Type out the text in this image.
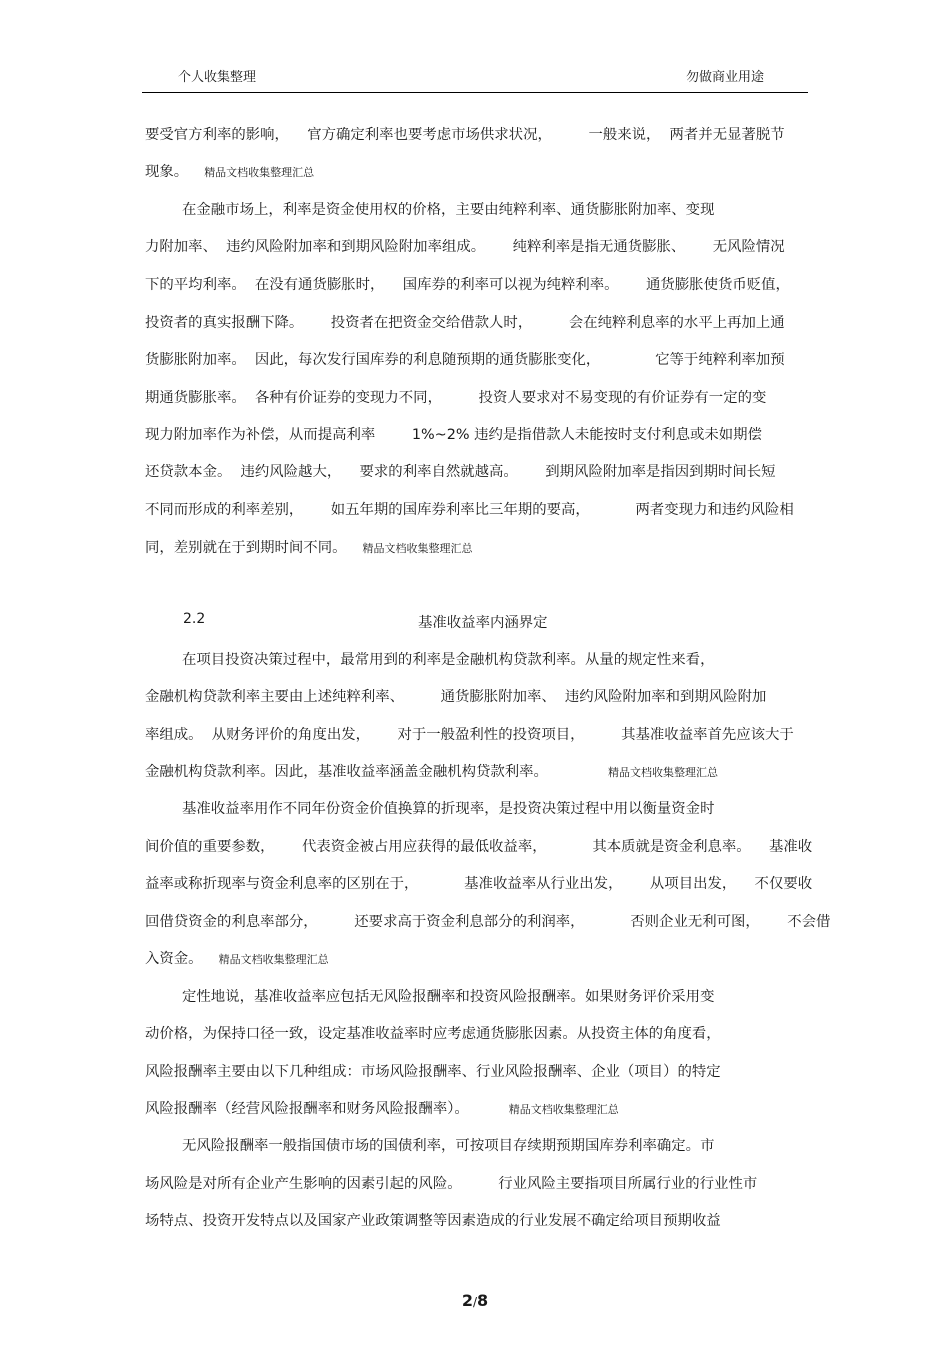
个人收集整理	勿做商业用途
要受官方利率的影响，    官方确定利率也要考虑市场供求状况，        一般来说，  两者并无显著脱节
现象。 精品文档收集整理汇总
在金融市场上，利率是资金使用权的价格，主要由纯粹利率、通货膨胀附加率、变现
力附加率、  违约风险附加率和到期风险附加率组成。      纯粹利率是指无通货膨胀、      无风险情况
下的平均利率。  在没有通货膨胀时，    国库券的利率可以视为纯粹利率。      通货膨胀使货币贬值，
投资者的真实报酬下降。      投资者在把资金交给借款人时，        会在纯粹利息率的水平上再加上通
货膨胀附加率。  因此，每次发行国库券的利息随预期的通货膨胀变化，            它等于纯粹利率加预
期通货膨胀率。  各种有价证券的变现力不同，        投资人要求对不易变现的有价证券有一定的变
现力附加率作为补偿，从而提高利率        1%~2% 违约是指借款人未能按时支付利息或未如期偿
还贷款本金。  违约风险越大，    要求的利率自然就越高。      到期风险附加率是指因到期时间长短
不同而形成的利率差别，      如五年期的国库券利率比三年期的要高，          两者变现力和违约风险相
同，差别就在于到期时间不同。 精品文档收集整理汇总
2.2	基准收益率内涵界定
在项目投资决策过程中，最常用到的利率是金融机构贷款利率。从量的规定性来看，
金融机构贷款利率主要由上述纯粹利率、        通货膨胀附加率、  违约风险附加率和到期风险附加
率组成。  从财务评价的角度出发，      对于一般盈利性的投资项目，        其基准收益率首先应该大于
金融机构贷款利率。因此，基准收益率涵盖金融机构贷款利率。	精品文档收集整理汇总
基准收益率用作不同年份资金价值换算的折现率，是投资决策过程中用以衡量资金时
间价值的重要参数，      代表资金被占用应获得的最低收益率，          其本质就是资金利息率。    基准收
益率或称折现率与资金利息率的区别在于，          基准收益率从行业出发，      从项目出发，    不仅要收
回借贷资金的利息率部分，        还要求高于资金利息部分的利润率，          否则企业无利可图，      不会借
入资金。 精品文档收集整理汇总
定性地说，基准收益率应包括无风险报酬率和投资风险报酬率。如果财务评价采用变
动价格，为保持口径一致，设定基准收益率时应考虑通货膨胀因素。从投资主体的角度看，
风险报酬率主要由以下几种组成：市场风险报酬率、行业风险报酬率、企业（项目）的特定
风险报酬率（经营风险报酬率和财务风险报酬率）。	精品文档收集整理汇总
无风险报酬率一般指国债市场的国债利率，可按项目存续期预期国库券利率确定。市
场风险是对所有企业产生影响的因素引起的风险。        行业风险主要指项目所属行业的行业性市
场特点、投资开发特点以及国家产业政策调整等因素造成的行业发展不确定给项目预期收益
2/8
